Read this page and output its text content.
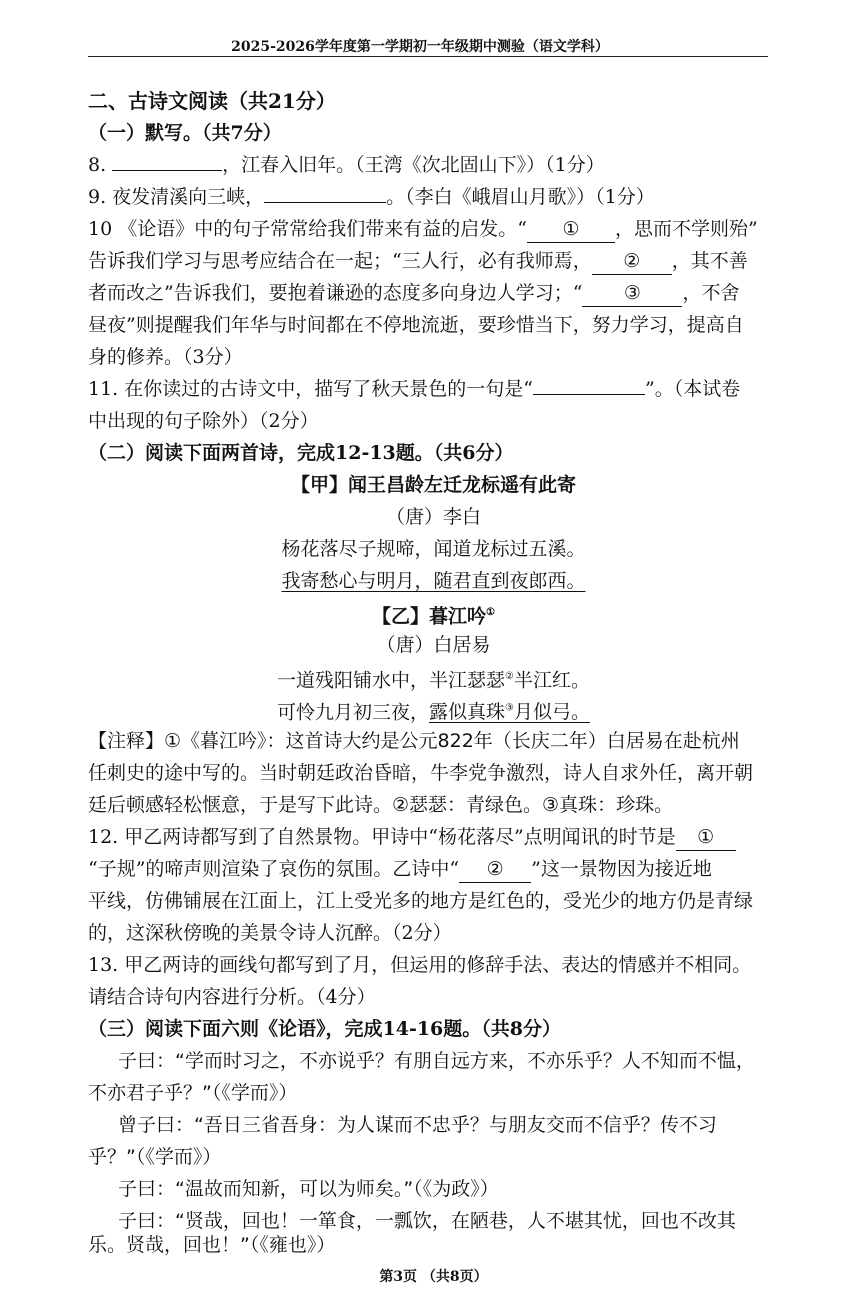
2025-2026学年度第一学期初一年级期中测验（语文学科）
二、古诗文阅读（共21分）
（一）默写。（共7分）
8.	，江春入旧年。（王湾《次北固山下》）（1分）
9. 夜发清溪向三峡，	。（李白《峨眉山月歌》）（1分）
10 《论语》中的句子常常给我们带来有益的启发。“ ① ，思而不学则殆”
告诉我们学习与思考应结合在一起；“三人行，必有我师焉， ② ，其不善
者而改之”告诉我们，要抱着谦逊的态度多向身边人学习；“ ③ ，不舍
昼夜”则提醒我们年华与时间都在不停地流逝，要珍惜当下，努力学习，提高自
身的修养。（3分）
11. 在你读过的古诗文中，描写了秋天景色的一句是“	”。（本试卷
中出现的句子除外）（2分）
（二）阅读下面两首诗，完成12-13题。（共6分）
【甲】闻王昌龄左迁龙标遥有此寄
（唐）李白
杨花落尽子规啼，闻道龙标过五溪。
我寄愁心与明月，随君直到夜郎西。
【乙】暮江吟①
（唐）白居易
一道残阳铺水中，半江瑟瑟②半江红。
可怜九月初三夜，露似真珠③月似弓。
【注释】①《暮江吟》：这首诗大约是公元822年（长庆二年）白居易在赴杭州
任刺史的途中写的。当时朝廷政治昏暗，牛李党争激烈，诗人自求外任，离开朝
廷后顿感轻松惬意，于是写下此诗。②瑟瑟：青绿色。③真珠：珍珠。
12. 甲乙两诗都写到了自然景物。甲诗中“杨花落尽”点明闻讯的时节是 ①
“子规”的啼声则渲染了哀伤的氛围。乙诗中“ ② ”这一景物因为接近地
平线，仿佛铺展在江面上，江上受光多的地方是红色的，受光少的地方仍是青绿
的，这深秋傍晚的美景令诗人沉醉。（2分）
13. 甲乙两诗的画线句都写到了月，但运用的修辞手法、表达的情感并不相同。
请结合诗句内容进行分析。（4分）
（三）阅读下面六则《论语》，完成14-16题。（共8分）
子曰：“学而时习之，不亦说乎？有朋自远方来，不亦乐乎？人不知而不愠，
不亦君子乎？”（《学而》）
曾子曰：“吾日三省吾身：为人谋而不忠乎？与朋友交而不信乎？传不习
乎？”（《学而》）
子曰：“温故而知新，可以为师矣。”（《为政》）
子曰：“贤哉，回也！一箪食，一瓢饮，在陋巷，人不堪其忧，回也不改其
乐。贤哉，回也！”（《雍也》）
第3页 （共8页）
